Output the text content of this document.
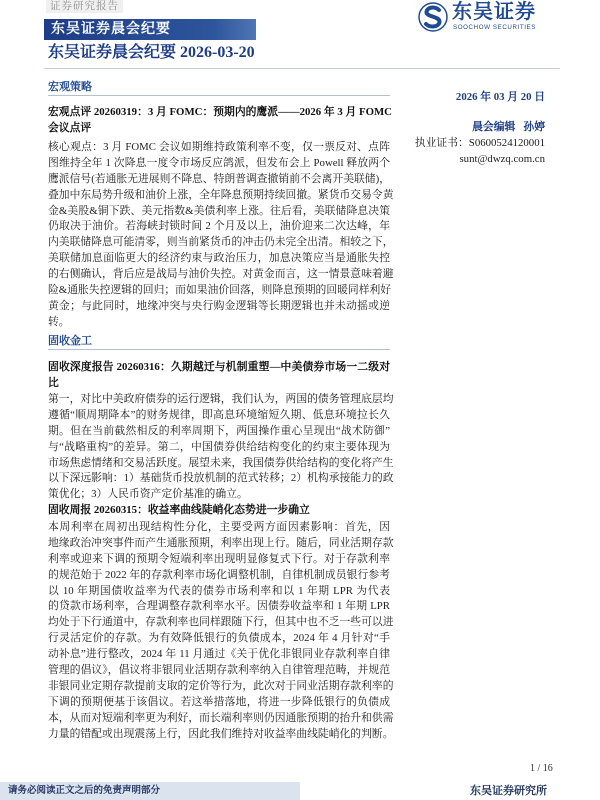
证券研究报告
东吴证券晨会纪要
东吴证券
SOOCHOW SECURITIES
东吴证券晨会纪要 2026-03-20
宏观策略
宏观点评 20260319：3 月 FOMC：预期内的鹰派——2026 年 3 月 FOMC
会议点评
核心观点：3 月 FOMC 会议如期维持政策利率不变，仅一票反对、点阵
图维持全年 1 次降息一度令市场反应鸽派，但发布会上 Powell 释放两个
鹰派信号(若通胀无进展则不降息、特朗普调查撤销前不会离开美联储)，
叠加中东局势升级和油价上涨，全年降息预期持续回撤。紧货币交易令黄
金&美股&铜下跌、美元指数&美债利率上涨。往后看，美联储降息决策
仍取决于油价。若海峡封锁时间 2 个月及以上，油价迎来二次达峰，年
内美联储降息可能清零，则当前紧货币的冲击仍未完全出清。相较之下，
美联储加息面临更大的经济约束与政治压力，加息决策应当是通胀失控
的右侧确认，背后应是战局与油价失控。对黄金而言，这一情景意味着避
险&通胀失控逻辑的回归；而如果油价回落，则降息预期的回暖同样利好
黄金；与此同时，地缘冲突与央行购金逻辑等长期逻辑也并未动摇或逆
转。
固收金工
固收深度报告 20260316：久期越迁与机制重塑—中美债券市场一二级对
比
第一，对比中美政府债券的运行逻辑，我们认为，两国的债务管理底层均
遵循“顺周期降本”的财务规律，即高息环境缩短久期、低息环境拉长久
期。但在当前截然相反的利率周期下，两国操作重心呈现出“战术防御”
与“战略重构”的差异。第二，中国债券供给结构变化的约束主要体现为
市场焦虑情绪和交易活跃度。展望未来，我国债券供给结构的变化将产生
以下深远影响：1）基础货币投放机制的范式转移；2）机构承接能力的政
策优化；3）人民币资产定价基准的确立。
固收周报 20260315：收益率曲线陡峭化态势进一步确立
本周利率在周初出现结构性分化，主要受两方面因素影响：首先，因
地缘政治冲突事件而产生通胀预期，利率出现上行。随后，同业活期存款
利率或迎来下调的预期令短端利率出现明显修复式下行。对于存款利率
的规范始于 2022 年的存款利率市场化调整机制，自律机制成员银行参考
以 10 年期国债收益率为代表的债券市场利率和以 1 年期 LPR 为代表
的贷款市场利率，合理调整存款利率水平。因债券收益率和 1 年期 LPR
均处于下行通道中，存款利率也同样跟随下行，但其中也不乏一些可以进
行灵活定价的存款。为有效降低银行的负债成本，2024 年 4 月针对“手
动补息”进行整改，2024 年 11 月通过《关于优化非银同业存款利率自律
管理的倡议》，倡议将非银同业活期存款利率纳入自律管理范畴，并规范
非银同业定期存款提前支取的定价等行为，此次对于同业活期存款利率的
下调的预期便基于该倡议。若这举措落地，将进一步降低银行的负债成
本，从而对短端利率更为利好，而长端利率则仍因通胀预期的抬升和供需
力量的错配或出现震荡上行，因此我们维持对收益率曲线陡峭化的判断。
2026 年 03 月 20 日
晨会编辑 孙婷
执业证书：S0600524120001
sunt@dwzq.com.cn
1 / 16
请务必阅读正文之后的免责声明部分	东吴证券研究所
